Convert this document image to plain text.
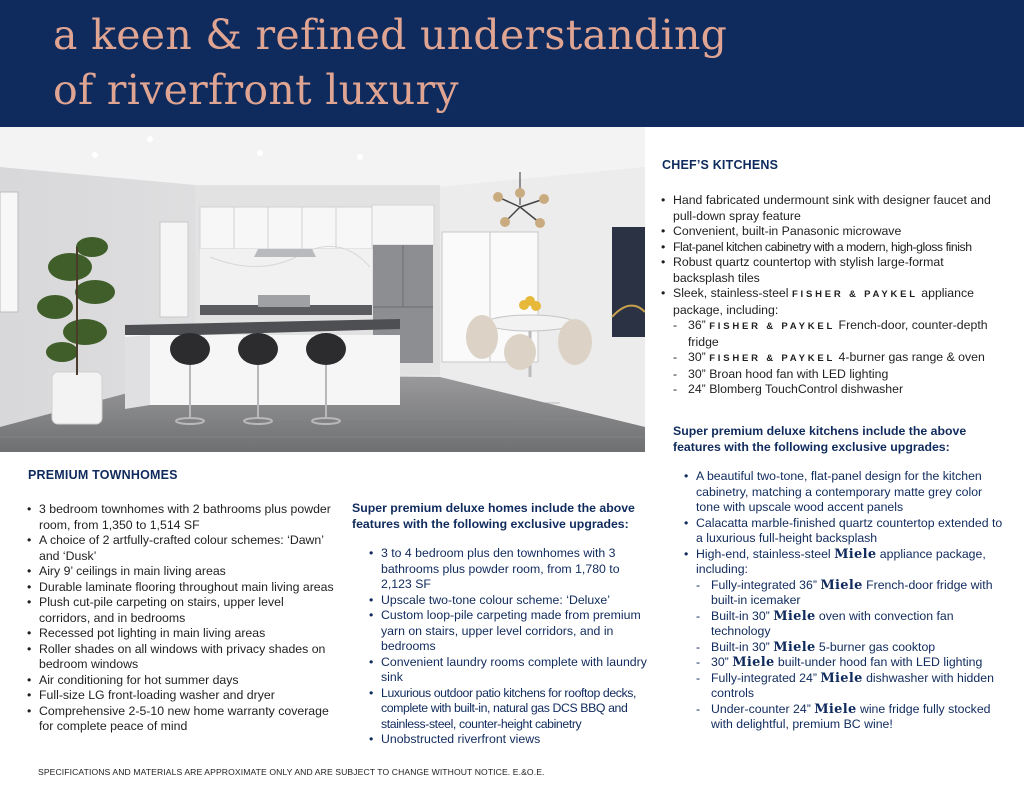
a keen & refined understanding
of riverfront luxury
CHEF’S KITCHENS
• Hand fabricated undermount sink with designer faucet and pull-down spray feature
• Convenient, built-in Panasonic microwave
• Flat-panel kitchen cabinetry with a modern, high-gloss finish
• Robust quartz countertop with stylish large-format backsplash tiles
• Sleek, stainless-steel FISHER & PAYKEL appliance package, including:
- 36” FISHER & PAYKEL French-door, counter-depth fridge
- 30” FISHER & PAYKEL 4-burner gas range & oven
- 30” Broan hood fan with LED lighting
- 24” Blomberg TouchControl dishwasher

Super premium deluxe kitchens include the above features with the following exclusive upgrades:

• A beautiful two-tone, flat-panel design for the kitchen cabinetry, matching a contemporary matte grey color tone with upscale wood accent panels
• Calacatta marble-finished quartz countertop extended to a luxurious full-height backsplash
• High-end, stainless-steel Miele appliance package, including:
- Fully-integrated 36” Miele French-door fridge with built-in icemaker
- Built-in 30” Miele oven with convection fan technology
- Built-in 30” Miele 5-burner gas cooktop
- 30” Miele built-under hood fan with LED lighting
- Fully-integrated 24” Miele dishwasher with hidden controls
- Under-counter 24” Miele wine fridge fully stocked with delightful, premium BC wine!
PREMIUM TOWNHOMES
• 3 bedroom townhomes with 2 bathrooms plus powder room, from 1,350 to 1,514 SF
• A choice of 2 artfully-crafted colour schemes: ‘Dawn’ and ‘Dusk’
• Airy 9’ ceilings in main living areas
• Durable laminate flooring throughout main living areas
• Plush cut-pile carpeting on stairs, upper level corridors, and in bedrooms
• Recessed pot lighting in main living areas
• Roller shades on all windows with privacy shades on bedroom windows
• Air conditioning for hot summer days
• Full-size LG front-loading washer and dryer
• Comprehensive 2-5-10 new home warranty coverage for complete peace of mind

Super premium deluxe homes include the above features with the following exclusive upgrades:

• 3 to 4 bedroom plus den townhomes with 3 bathrooms plus powder room, from 1,780 to 2,123 SF
• Upscale two-tone colour scheme: ‘Deluxe’
• Custom loop-pile carpeting made from premium yarn on stairs, upper level corridors, and in bedrooms
• Convenient laundry rooms complete with laundry sink
• Luxurious outdoor patio kitchens for rooftop decks, complete with built-in, natural gas DCS BBQ and stainless-steel, counter-height cabinetry
• Unobstructed riverfront views

SPECIFICATIONS AND MATERIALS ARE APPROXIMATE ONLY AND ARE SUBJECT TO CHANGE WITHOUT NOTICE. E.&O.E.
